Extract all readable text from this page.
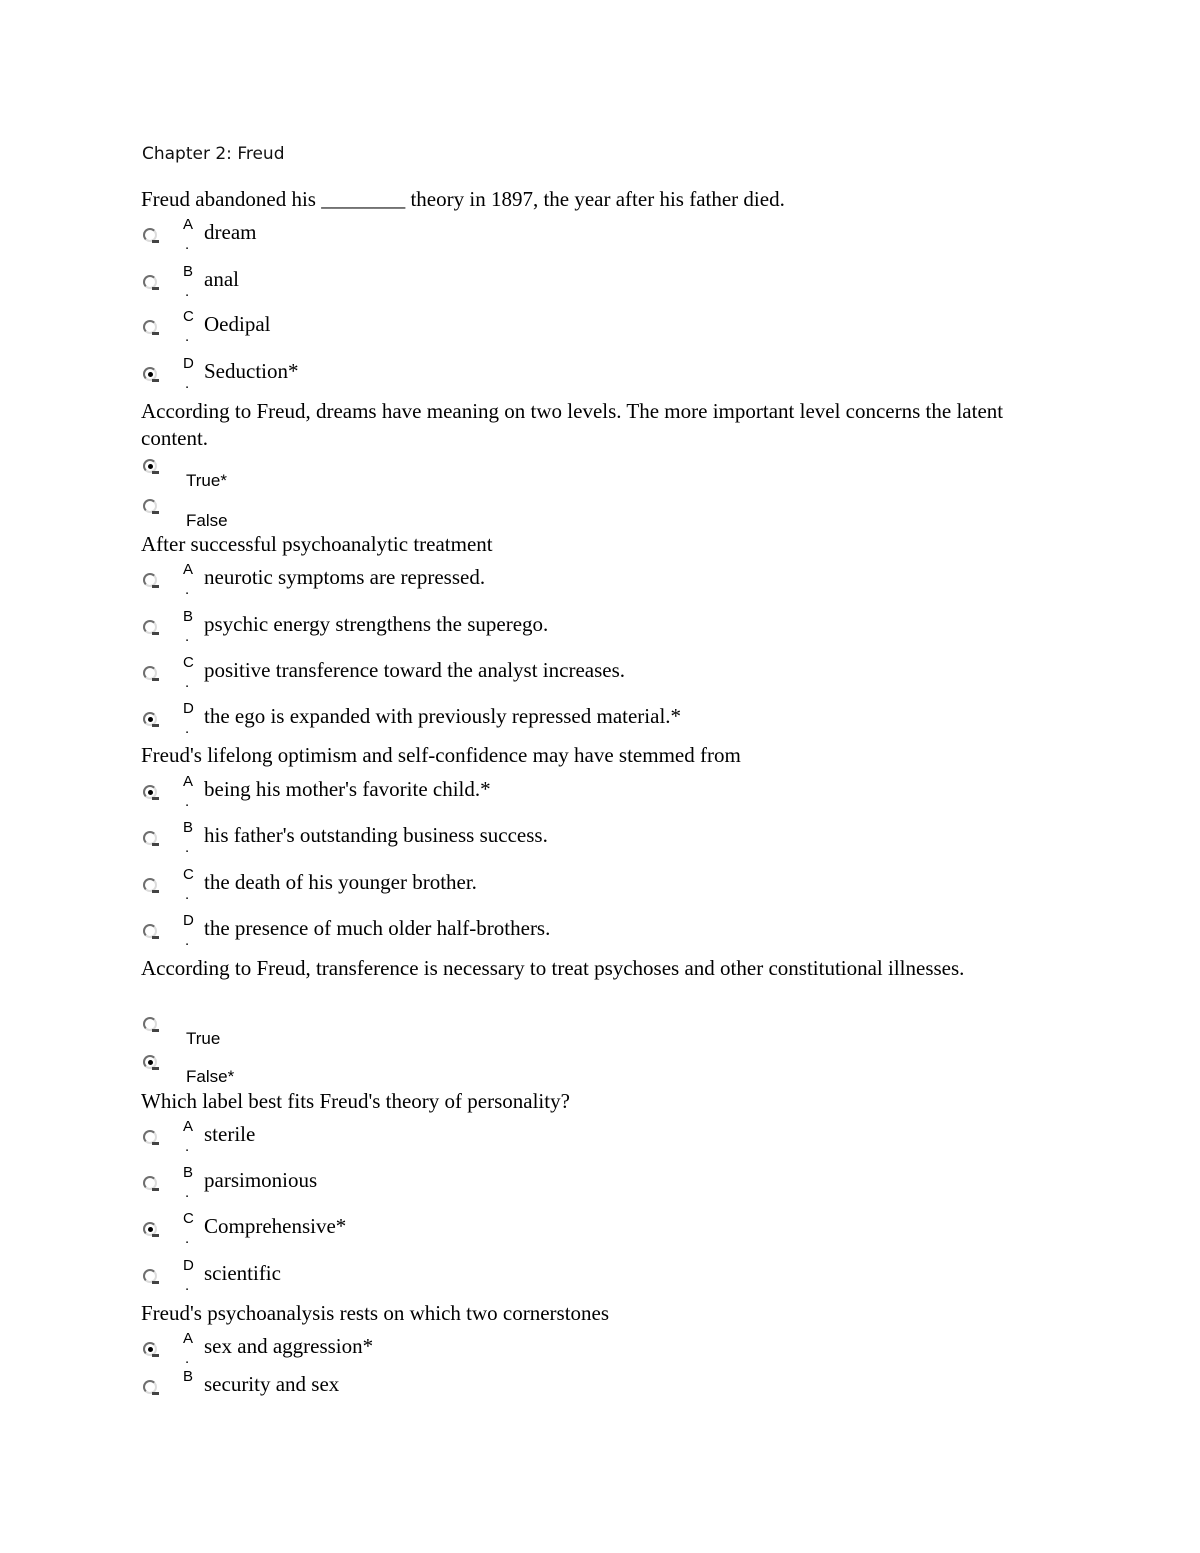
Chapter 2: Freud
Freud abandoned his ________ theory in 1897, the year after his father died.
A
.
dream
B
.
anal
C
.
Oedipal
D
.
Seduction*
According to Freud, dreams have meaning on two levels. The more important level concerns the latent content.
True*
False
After successful psychoanalytic treatment
A
.
neurotic symptoms are repressed.
B
.
psychic energy strengthens the superego.
C
.
positive transference toward the analyst increases.
D
.
the ego is expanded with previously repressed material.*
Freud's lifelong optimism and self-confidence may have stemmed from
A
.
being his mother's favorite child.*
B
.
his father's outstanding business success.
C
.
the death of his younger brother.
D
.
the presence of much older half-brothers.
According to Freud, transference is necessary to treat psychoses and other constitutional illnesses.
True
False*
Which label best fits Freud's theory of personality?
A
.
sterile
B
.
parsimonious
C
.
Comprehensive*
D
.
scientific
Freud's psychoanalysis rests on which two cornerstones
A
.
sex and aggression*
B security and sex
